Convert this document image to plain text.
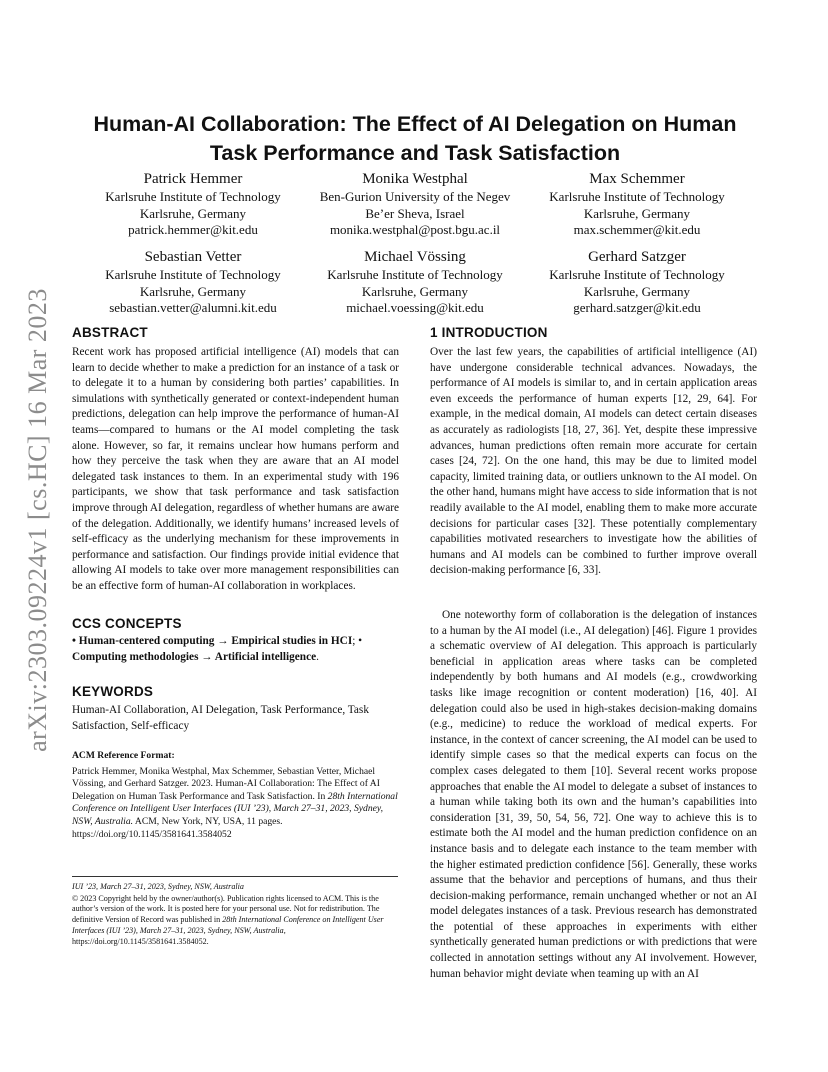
arXiv:2303.09224v1 [cs.HC] 16 Mar 2023
Human-AI Collaboration: The Effect of AI Delegation on Human Task Performance and Task Satisfaction
Patrick Hemmer
Karlsruhe Institute of Technology
Karlsruhe, Germany
patrick.hemmer@kit.edu
Monika Westphal
Ben-Gurion University of the Negev
Be’er Sheva, Israel
monika.westphal@post.bgu.ac.il
Max Schemmer
Karlsruhe Institute of Technology
Karlsruhe, Germany
max.schemmer@kit.edu
Sebastian Vetter
Karlsruhe Institute of Technology
Karlsruhe, Germany
sebastian.vetter@alumni.kit.edu
Michael Vössing
Karlsruhe Institute of Technology
Karlsruhe, Germany
michael.voessing@kit.edu
Gerhard Satzger
Karlsruhe Institute of Technology
Karlsruhe, Germany
gerhard.satzger@kit.edu
ABSTRACT

Recent work has proposed artificial intelligence (AI) models that can learn to decide whether to make a prediction for an instance of a task or to delegate it to a human by considering both parties’ capabilities. In simulations with synthetically generated or context-independent human predictions, delegation can help improve the performance of human-AI teams—compared to humans or the AI model completing the task alone. However, so far, it remains unclear how humans perform and how they perceive the task when they are aware that an AI model delegated task instances to them. In an experimental study with 196 participants, we show that task performance and task satisfaction improve through AI delegation, regardless of whether humans are aware of the delegation. Additionally, we identify humans’ increased levels of self-efficacy as the underlying mechanism for these improvements in performance and satisfaction. Our findings provide initial evidence that allowing AI models to take over more management responsibilities can be an effective form of human-AI collaboration in workplaces.

CCS CONCEPTS

• Human-centered computing → Empirical studies in HCI; • Computing methodologies → Artificial intelligence.

KEYWORDS

Human-AI Collaboration, AI Delegation, Task Performance, Task Satisfaction, Self-efficacy

ACM Reference Format:
Patrick Hemmer, Monika Westphal, Max Schemmer, Sebastian Vetter, Michael Vössing, and Gerhard Satzger. 2023. Human-AI Collaboration: The Effect of AI Delegation on Human Task Performance and Task Satisfaction. In 28th International Conference on Intelligent User Interfaces (IUI ’23), March 27–31, 2023, Sydney, NSW, Australia. ACM, New York, NY, USA, 11 pages. https://doi.org/10.1145/3581641.3584052

IUI ’23, March 27–31, 2023, Sydney, NSW, Australia
© 2023 Copyright held by the owner/author(s). Publication rights licensed to ACM. This is the author’s version of the work. It is posted here for your personal use. Not for redistribution. The definitive Version of Record was published in 28th International Conference on Intelligent User Interfaces (IUI ’23), March 27–31, 2023, Sydney, NSW, Australia, https://doi.org/10.1145/3581641.3584052.

1 INTRODUCTION

Over the last few years, the capabilities of artificial intelligence (AI) have undergone considerable technical advances. Nowadays, the performance of AI models is similar to, and in certain application areas even exceeds the performance of human experts [12, 29, 64]. For example, in the medical domain, AI models can detect certain diseases as accurately as radiologists [18, 27, 36]. Yet, despite these impressive advances, human predictions often remain more accurate for certain cases [24, 72]. On the one hand, this may be due to limited model capacity, limited training data, or outliers unknown to the AI model. On the other hand, humans might have access to side information that is not readily available to the AI model, enabling them to make more accurate decisions for particular cases [32]. These potentially complementary capabilities motivated researchers to investigate how the abilities of humans and AI models can be combined to further improve overall decision-making performance [6, 33].

One noteworthy form of collaboration is the delegation of instances to a human by the AI model (i.e., AI delegation) [46]. Figure 1 provides a schematic overview of AI delegation. This approach is particularly beneficial in application areas where tasks can be completed independently by both humans and AI models (e.g., crowdworking tasks like image recognition or content moderation) [16, 40]. AI delegation could also be used in high-stakes decision-making domains (e.g., medicine) to reduce the workload of medical experts. For instance, in the context of cancer screening, the AI model can be used to identify simple cases so that the medical experts can focus on the complex cases delegated to them [10]. Several recent works propose approaches that enable the AI model to delegate a subset of instances to a human while taking both its own and the human’s capabilities into consideration [31, 39, 50, 54, 56, 72]. One way to achieve this is to estimate both the AI model and the human prediction confidence on an instance basis and to delegate each instance to the team member with the higher estimated prediction confidence [56]. Generally, these works assume that the behavior and perceptions of humans, and thus their decision-making performance, remain unchanged whether or not an AI model delegates instances of a task. Previous research has demonstrated the potential of these approaches in experiments with either synthetically generated human predictions or with predictions that were collected in annotation settings without any AI involvement. However, human behavior might deviate when teaming up with an AI
